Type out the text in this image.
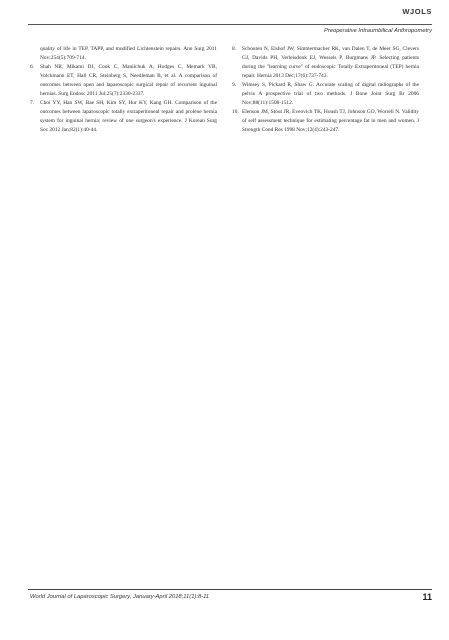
WJOLS
Preoperative Intraumbilical Anthropometry
quality of life in TEP, TAPP, and modified Lichtenstein repairs. Ann Surg 2011 Nov;254(5):709-714.
6.	Shah NR, Mikami DJ, Cook C, Manilchuk A, Hodges C, Memark VR, Volckmann ET, Hall CR, Steinberg S, Needleman B, et al. A comparison of outcomes between open and laparoscopic surgical repair of recurrent inguinal hernias. Surg Endosc 2011 Jul;25(7):2330-2337.
7.	Choi YY, Han SW, Bae SH, Kim SY, Hur KY, Kang GH. Comparison of the outcomes between laparoscopic totally extraperitoneal repair and prolene hernia system for inguinal hernia; review of one surgeon's experience. J Korean Surg Soc 2012 Jan;82(1):40-44.
8.	Schouten N, Elshof JW, Simmermacher RK, van Dalen T, de Meer SG, Clevers GJ, Davids PH, Verleisdonk EJ, Wessels P, Burgmans JP. Selecting patients during the "learning curve" of endoscopic Totally Extraperitoneal (TEP) hernia repair. Hernia 2013 Dec;17(6):737-743.
9.	Wimsey S, Pickard R, Shaw G. Accurate scaling of digital radiographs of the pelvis A prospective trial of two methods. J Bone Joint Surg Br 2006 Nov;88(11):1508-1512.
10. Elenson JM, Stout JR, Eveovich TK, Housh TJ, Johnson GO, Worrell N. Validity of self assessment technique for estimating percentage fat in men and women. J Strength Cond Res 1998 Nov;12(4):243-247.
World Journal of Laparoscopic Surgery, January-April 2018;11(1):8-11	11
